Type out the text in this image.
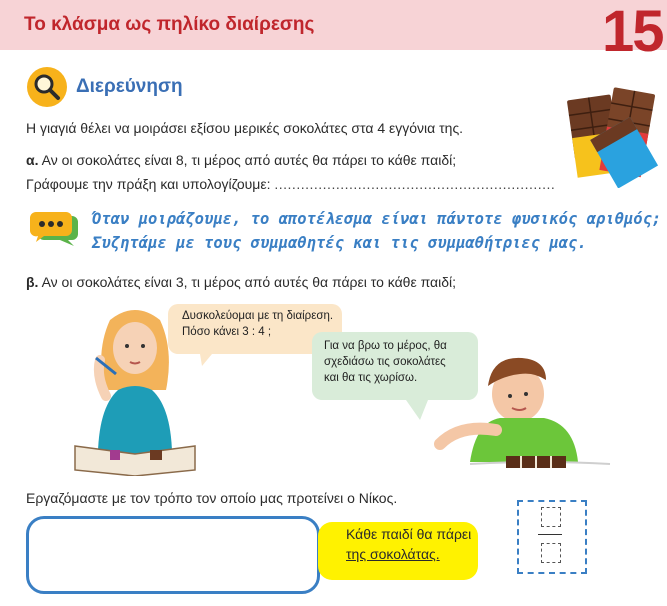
Το κλάσμα ως πηλίκο διαίρεσης	15
Διερεύνηση
Η γιαγιά θέλει να μοιράσει εξίσου μερικές σοκολάτες στα 4 εγγόνια της.
α. Αν οι σοκολάτες είναι 8, τι μέρος από αυτές θα πάρει το κάθε παιδί;
Γράφουμε την πράξη και υπολογίζουμε: ................................................................
Όταν μοιράζουμε, το αποτέλεσμα είναι πάντοτε φυσικός αριθμός;
Συζητάμε με τους συμμαθητές και τις συμμαθήτριες μας.
β. Αν οι σοκολάτες είναι 3, τι μέρος από αυτές θα πάρει το κάθε παιδί;
Δυσκολεύομαι με τη διαίρεση.
Πόσο κάνει 3 : 4 ;
Για να βρω το μέρος, θα
σχεδιάσω τις σοκολάτες
και θα τις χωρίσω.
Εργαζόμαστε με τον τρόπο τον οποίο μας προτείνει ο Νίκος.
Κάθε παιδί θα πάρει
της σοκολάτας.
